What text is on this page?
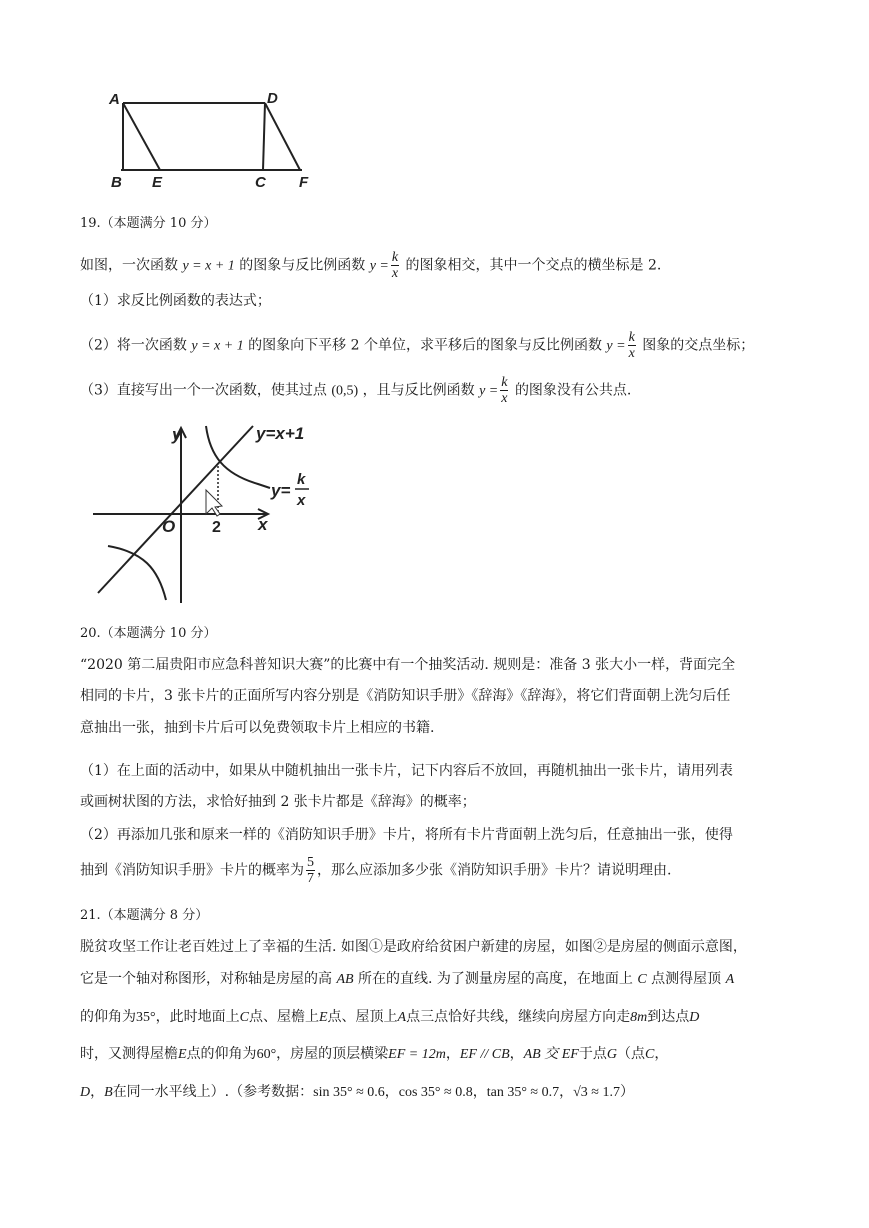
A	D
B E	C F
19.（本题满分 10 分）
如图，一次函数 y = x + 1 的图象与反比例函数 $y = \frac{k}{x}$ 的图象相交，其中一个交点的横坐标是 2.
（1）求反比例函数的表达式；
（2）将一次函数 y = x + 1 的图象向下平移 2 个单位，求平移后的图象与反比例函数 $y = \frac{k}{x}$ 图象的交点坐标；
（3）直接写出一个一次函数，使其过点 (0,5) ，且与反比例函数 $y = \frac{k}{x}$ 的图象没有公共点.
y
x
O 2
y=x+1
y=
k
x
20.（本题满分 10 分）
“2020 第二届贵阳市应急科普知识大赛”的比赛中有一个抽奖活动. 规则是：准备 3 张大小一样，背面完全
相同的卡片，3 张卡片的正面所写内容分别是《消防知识手册》《辞海》《辞海》，将它们背面朝上洗匀后任
意抽出一张，抽到卡片后可以免费领取卡片上相应的书籍.
（1）在上面的活动中，如果从中随机抽出一张卡片，记下内容后不放回，再随机抽出一张卡片，请用列表
或画树状图的方法，求恰好抽到 2 张卡片都是《辞海》的概率；
（2）再添加几张和原来一样的《消防知识手册》卡片，将所有卡片背面朝上洗匀后，任意抽出一张，使得
抽到《消防知识手册》卡片的概率为 $\frac{5}{7}$ ，那么应添加多少张《消防知识手册》卡片？请说明理由.
21.（本题满分 8 分）
脱贫攻坚工作让老百姓过上了幸福的生活. 如图①是政府给贫困户新建的房屋，如图②是房屋的侧面示意图，
它是一个轴对称图形，对称轴是房屋的高 AB 所在的直线. 为了测量房屋的高度，在地面上 C 点测得屋顶 A
的仰角为35°，此时地面上C点、屋檐上E点、屋顶上A点三点恰好共线，继续向房屋方向走8m到达点D
时，又测得屋檐E点的仰角为60°，房屋的顶层横梁EF = 12m，EF // CB，AB 交 EF于点G（点C，
D，B在同一水平线上）.（参考数据：sin 35° ≈ 0.6，cos 35° ≈ 0.8，tan 35° ≈ 0.7，√3 ≈ 1.7）
